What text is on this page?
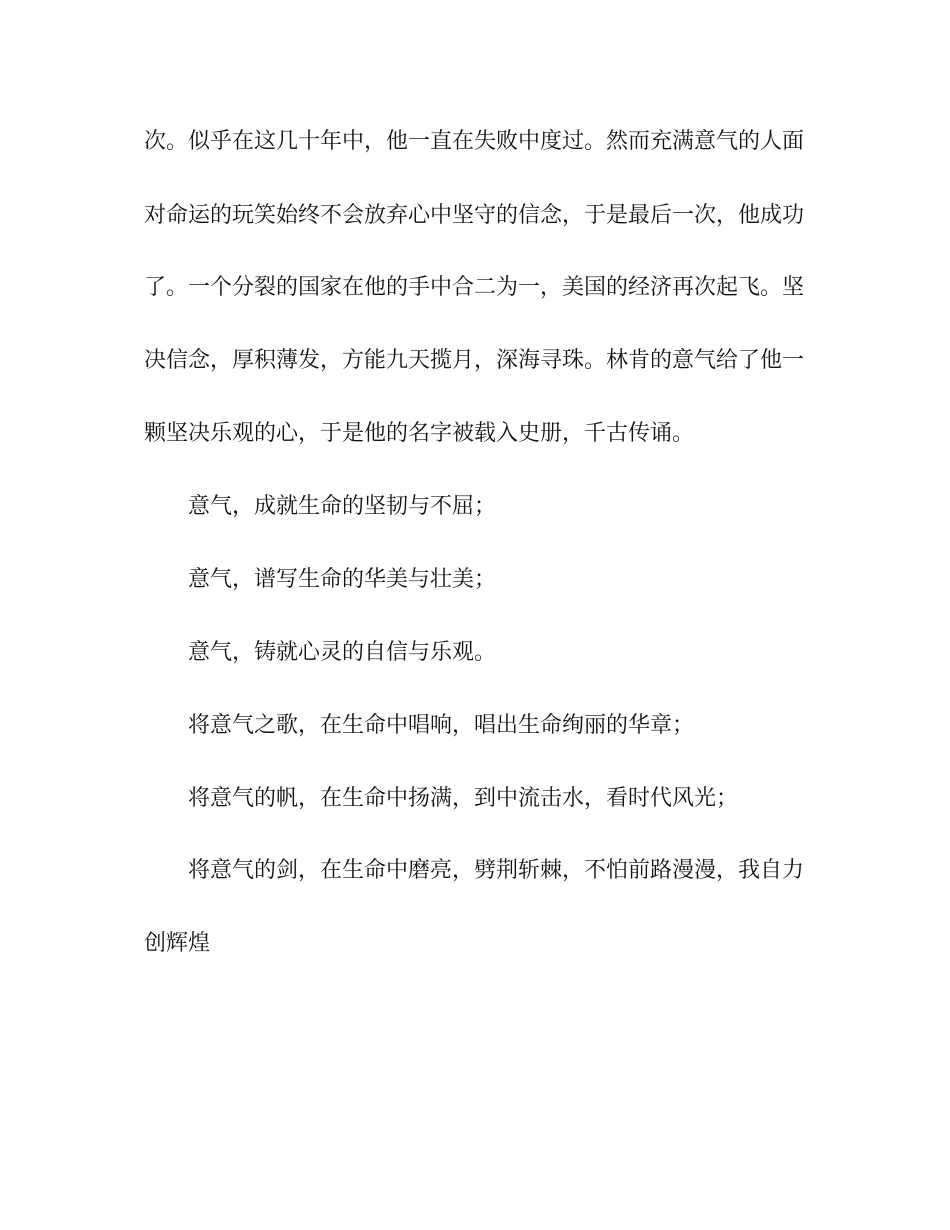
次。似乎在这几十年中，他一直在失败中度过。然而充满意气的人面
对命运的玩笑始终不会放弃心中坚守的信念，于是最后一次，他成功
了。一个分裂的国家在他的手中合二为一，美国的经济再次起飞。坚
决信念，厚积薄发，方能九天揽月，深海寻珠。林肯的意气给了他一
颗坚决乐观的心，于是他的名字被载入史册，千古传诵。
意气，成就生命的坚韧与不屈；
意气，谱写生命的华美与壮美；
意气，铸就心灵的自信与乐观。
将意气之歌，在生命中唱响，唱出生命绚丽的华章；
将意气的帆，在生命中扬满，到中流击水，看时代风光；
将意气的剑，在生命中磨亮，劈荆斩棘，不怕前路漫漫，我自力
创辉煌
